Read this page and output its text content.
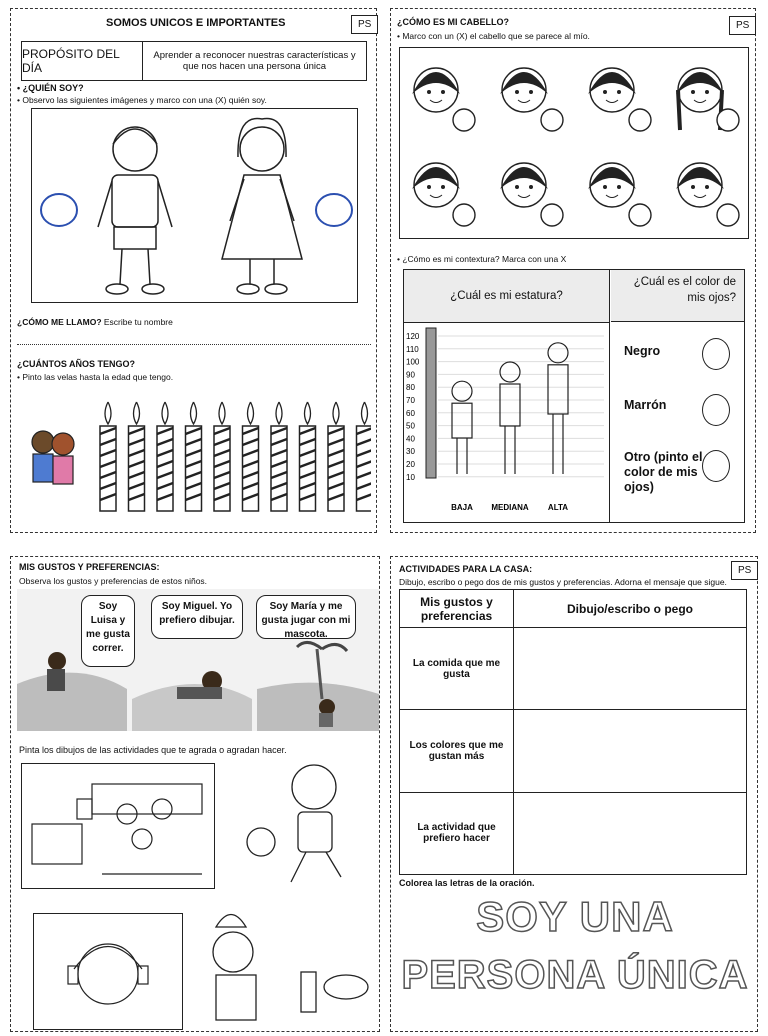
SOMOS UNICOS E IMPORTANTES	PS
PROPÓSITO DEL DÍA
Aprender a reconocer nuestras características y que nos hacen una persona única
• ¿QUIÉN SOY?
• Observo las siguientes imágenes y marco con una (X) quién soy.
¿CÓMO ME LLAMO? Escribe tu nombre
¿CUÁNTOS AÑOS TENGO?
• Pinto las velas hasta la edad que tengo.
¿CÓMO ES MI CABELLO?	PS
• Marco con un (X) el cabello que se parece al mío.
• ¿Cómo es mi contextura? Marca con una X
¿Cuál es mi estatura?
¿Cuál es el color de mis ojos?
120
110
100
90
80
70
60
50
40
30
20
10
BAJA MEDIANA ALTA
Negro
Marrón
Otro (pinto el color de mis ojos)
MIS GUSTOS Y PREFERENCIAS:
Observa los gustos y preferencias de estos niños.
Soy Luisa y me gusta correr.
Soy Miguel. Yo prefiero dibujar.
Soy María y me gusta jugar con mi mascota.
Pinta los dibujos de las actividades que te agrada o agradan hacer.
ACTIVIDADES PARA LA CASA:	PS
Dibujo, escribo o pego dos de mis gustos y preferencias. Adorna el mensaje que sigue.
Mis gustos y preferencias	Dibujo/escribo o pego
La comida que me gusta	
Los colores que me gustan más	
La actividad que prefiero hacer	
Colorea las letras de la oración.
SOY UNA
PERSONA ÚNICA
